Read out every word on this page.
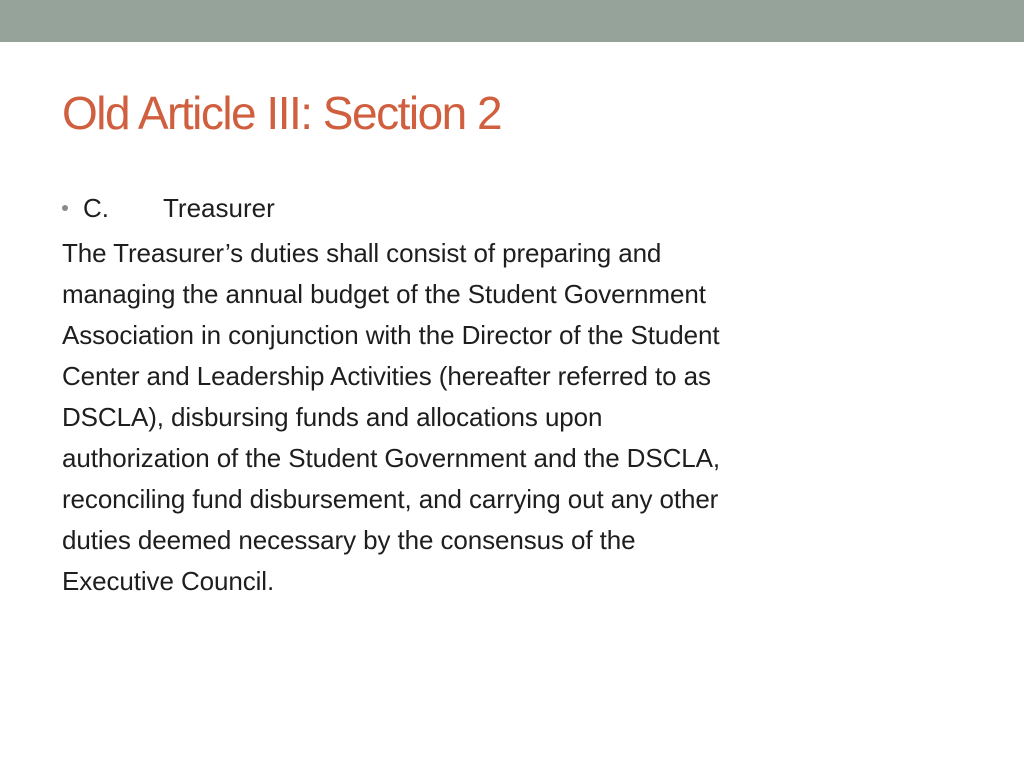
Old Article III: Section 2
C. Treasurer

The Treasurer’s duties shall consist of preparing and
managing the annual budget of the Student Government
Association in conjunction with the Director of the Student
Center and Leadership Activities (hereafter referred to as
DSCLA), disbursing funds and allocations upon
authorization of the Student Government and the DSCLA,
reconciling fund disbursement, and carrying out any other
duties deemed necessary by the consensus of the
Executive Council.
